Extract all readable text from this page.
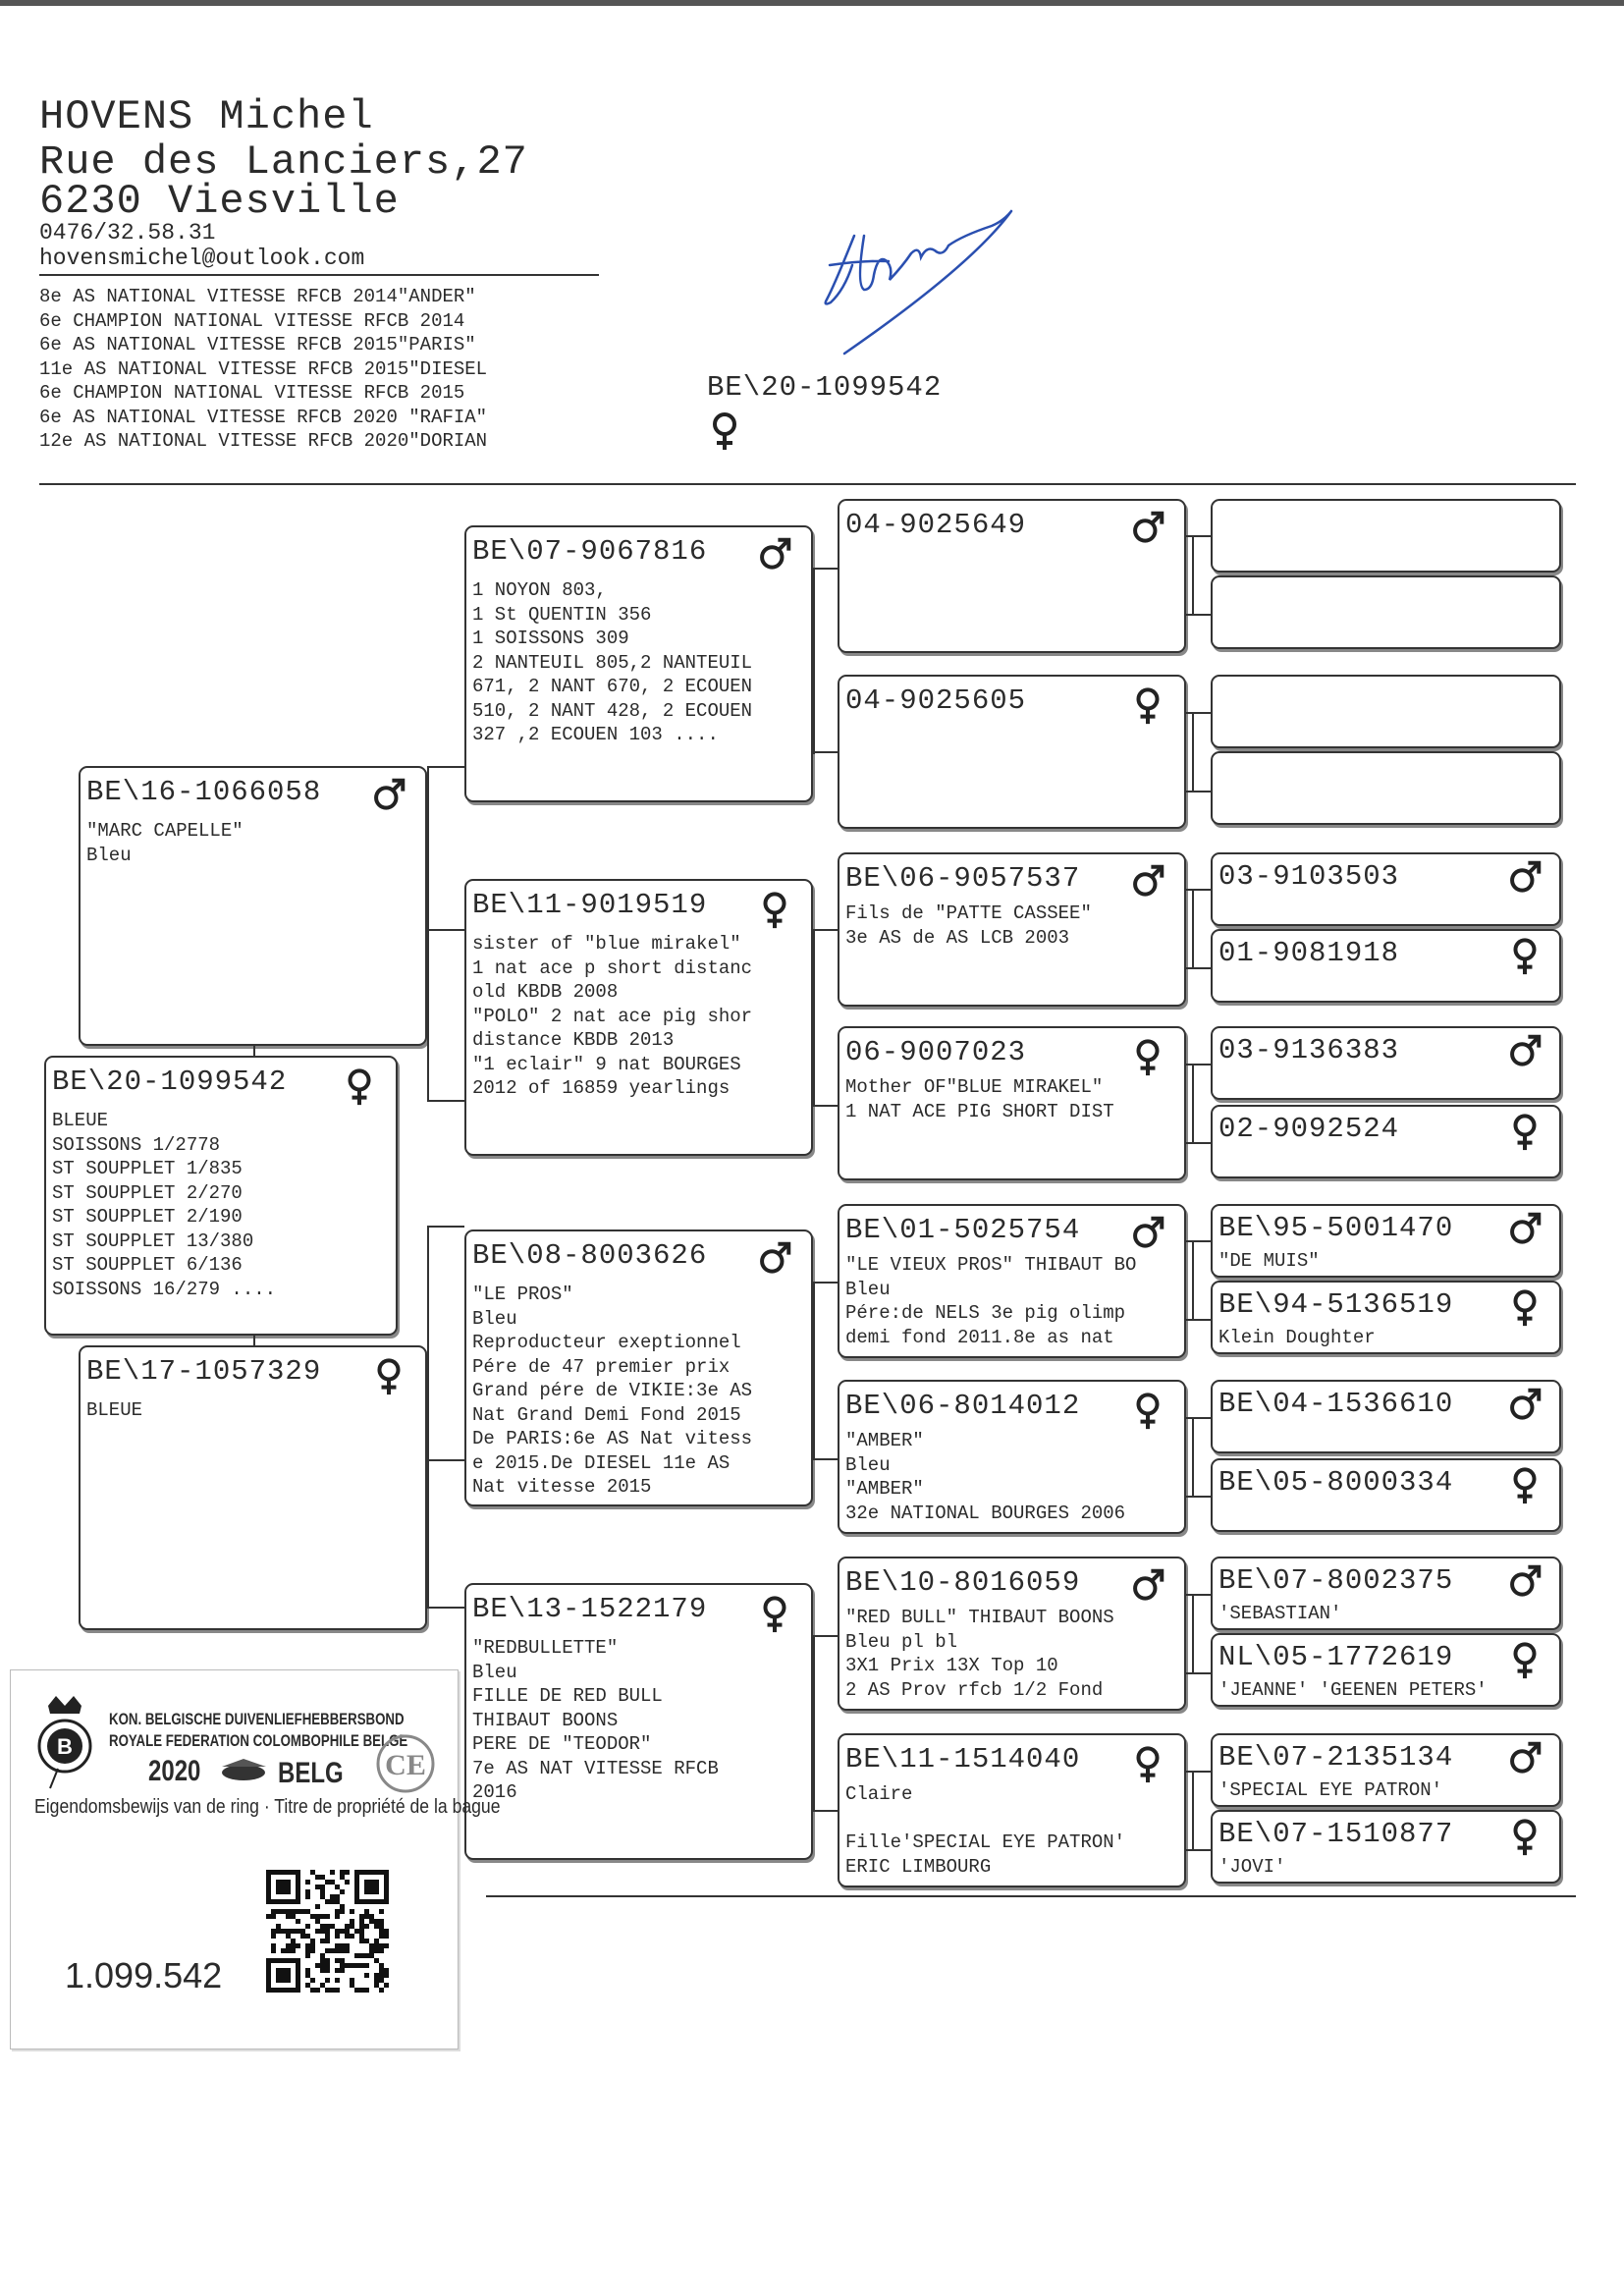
HOVENS Michel
Rue des Lanciers,27
6230 Viesville
0476/32.58.31
hovensmichel@outlook.com
8e AS NATIONAL VITESSE RFCB 2014"ANDER"
6e CHAMPION NATIONAL VITESSE RFCB 2014
6e AS NATIONAL VITESSE RFCB 2015"PARIS"
11e AS NATIONAL VITESSE RFCB 2015"DIESEL
6e CHAMPION NATIONAL VITESSE RFCB 2015
6e AS NATIONAL VITESSE RFCB 2020 "RAFIA"
12e AS NATIONAL VITESSE RFCB 2020"DORIAN
BE\20-1099542
BE\20-1099542
BLEUE
SOISSONS 1/2778
ST SOUPPLET 1/835
ST SOUPPLET 2/270
ST SOUPPLET 2/190
ST SOUPPLET 13/380
ST SOUPPLET 6/136
SOISSONS 16/279 ....
BE\16-1066058
"MARC CAPELLE"
Bleu
BE\17-1057329
BLEUE
BE\07-9067816
1 NOYON 803,
1 St QUENTIN 356
1 SOISSONS 309
2 NANTEUIL 805,2 NANTEUIL
671, 2 NANT 670, 2 ECOUEN
510, 2 NANT 428, 2 ECOUEN
327 ,2 ECOUEN 103 ....
BE\11-9019519
sister of "blue mirakel"
1 nat ace p short distanc
old KBDB 2008
"POLO" 2 nat ace pig shor
distance KBDB 2013
"1 eclair" 9 nat BOURGES
2012 of 16859 yearlings
BE\08-8003626
"LE PROS"
Bleu
Reproducteur exeptionnel
Pére de 47 premier prix
Grand pére de VIKIE:3e AS
Nat Grand Demi Fond 2015
De PARIS:6e AS Nat vitess
e 2015.De DIESEL 11e AS
Nat vitesse 2015
BE\13-1522179
"REDBULLETTE"
Bleu
FILLE DE RED BULL
THIBAUT BOONS
PERE DE "TEODOR"
7e AS NAT VITESSE RFCB
2016
04-9025649
04-9025605
BE\06-9057537
Fils de "PATTE CASSEE"
3e AS de AS LCB 2003
06-9007023
Mother OF"BLUE MIRAKEL"
1 NAT ACE PIG SHORT DIST
BE\01-5025754
"LE VIEUX PROS" THIBAUT BO
Bleu
Pére:de NELS 3e pig olimp
demi fond 2011.8e as nat
BE\06-8014012
"AMBER"
Bleu
"AMBER"
32e NATIONAL BOURGES 2006
BE\10-8016059
"RED BULL" THIBAUT BOONS
Bleu pl bl
3X1 Prix 13X Top 10
2 AS Prov rfcb 1/2 Fond
BE\11-1514040
Claire

Fille'SPECIAL EYE PATRON'
ERIC LIMBOURG
03-9103503
01-9081918
03-9136383
02-9092524
BE\95-5001470
"DE MUIS"
BE\94-5136519
Klein Doughter
BE\04-1536610
BE\05-8000334
BE\07-8002375
'SEBASTIAN'
NL\05-1772619
'JEANNE' 'GEENEN PETERS'
BE\07-2135134
'SPECIAL EYE PATRON'
BE\07-1510877
'JOVI'
B
KON. BELGISCHE DUIVENLIEFHEBBERSBOND
ROYALE FEDERATION COLOMBOPHILE BELGE
2020	BELG CE
Eigendomsbewijs van de ring · Titre de propriété de la bague
1.099.542
